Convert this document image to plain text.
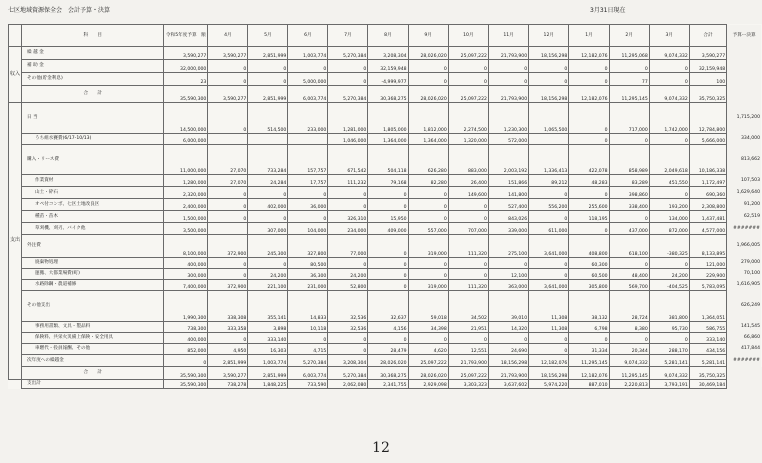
七区地域資源保全会　会計予算・決算	3月31日現在
	科　　目	令和5年度予算　額	4月	5月	6月	7月	8月	9月	10月	11月	12月	1月	2月	3月	合計	予算ー決算
収入	繰 越 金	3,590,277	3,590,277	2,851,999	1,003,774	5,270,384	3,208,304	28,026,020	25,097,222	21,793,900	18,156,298	12,182,076	11,295,068	9,074,332	3,590,277	
	補 助 金	32,000,000	0	0	0	0	32,159,948	0	0	0	0	0	0	0	32,159,948	
	その他(貯金利息)	23	0	0	5,000,000	0	-4,999,977	0	0	0	0	0	77	0	100	
	合　　計	35,590,300	3,590,277	2,851,999	6,003,774	5,270,384	30,368,275	28,026,020	25,097,222	21,793,900	18,156,298	12,182,076	11,295,145	9,074,332	35,750,325	
支出	日 当	14,500,000	0	514,500	233,000	1,281,000	1,805,000	1,812,000	2,274,500	1,230,300	1,065,500	0	717,000	1,742,000	12,784,800	1,715,200
	うち組水賽費(6/17-10/13)	6,000,000				1,046,000	1,364,000	1,364,000	1,320,000	572,000		0	0	0	5,666,000	334,000
	購入・リース費	11,000,000	27,070	733,284	157,757	671,542	504,118	626,280	883,000	2,003,192	1,336,413	422,078	858,989	2,049,618	10,186,338	813,662
	作業資材	1,280,000	27,070	24,284	17,757	111,232	79,168	82,280	26,400	151,866	89,212	48,283	83,289	451,550	1,172,497	107,503
	山土・砕石	2,320,000	0	0	0	0	0	0	149,600	141,800	0	0	398,860	0	690,360	1,629,640
	オペ付コンボ、七区土地改良区	2,400,000	0	402,000	36,000	0	0	0	0	527,400	556,200	255,600	338,400	193,200	2,308,800	91,200
	種苗・苗木	1,500,000	0	0	0	326,310	15,950	0	0	843,026	0	118,195	0	134,000	1,437,481	62,519
	草刈機、刈刃、バイク他	3,500,000		307,000	104,000	234,000	409,000	557,000	707,000	339,000	611,000	0	437,000	872,000	4,577,000	#######
	外注費	8,100,000	372,900	245,300	327,800	77,000	0	319,000	111,320	275,100	3,641,000	408,800	618,100	-380,325	8,133,895	1,966,005
	廃棄物処理	400,000	0	0	80,500	0	0	0	0	0	0	60,300	0	0	121,000	279,000
	運搬、大都業場費(町)	300,000	0	24,200	36,300	24,200	0	0	0	12,100	0	60,500	48,400	24,200	229,900	70,100
	水路除鋼・農道補修	7,400,000	372,900	221,100	231,000	52,800	0	319,000	111,320	363,000	3,641,000	305,800	569,700	-404,525	5,783,095	1,616,905
	その他支出	1,990,300	338,308	355,141	14,833	32,536	32,637	59,018	34,502	39,010	11,308	38,132	28,724	381,800	1,364,051	626,249
	事務用書類、文具・製品料	738,300	333,358	3,898	10,118	32,536	4,156	34,398	21,951	14,320	11,308	6,798	8,380	95,730	586,755	141,545
	保険料、共栄火災備上保険・安全用具	400,000	0	333,140	0	0	0	0	0	0	0	0	0	0	333,140	66,860
	車燃代・役員報酬、その他	852,000	4,950	16,303	4,715	0	28,479	4,620	12,551	24,690	0	31,334	20,344	288,170	434,156	417,844
	次年度への繰越金	0	2,851,999	1,003,774	5,270,384	3,208,304	28,026,020	25,097,222	21,793,900	18,156,298	12,182,076	11,295,145	9,074,332	5,281,141	5,281,141	#######
	合　　計	35,590,300	3,590,277	2,851,999	6,003,774	5,270,384	30,368,275	28,026,020	25,097,222	21,793,900	18,156,298	12,182,076	11,295,145	9,074,332	35,750,325	
	支出計	35,590,300	738,278	1,848,225	733,590	2,062,080	2,341,755	2,929,098	3,303,323	3,637,602	5,974,220	887,010	2,220,813	3,793,191	30,469,184	
12
